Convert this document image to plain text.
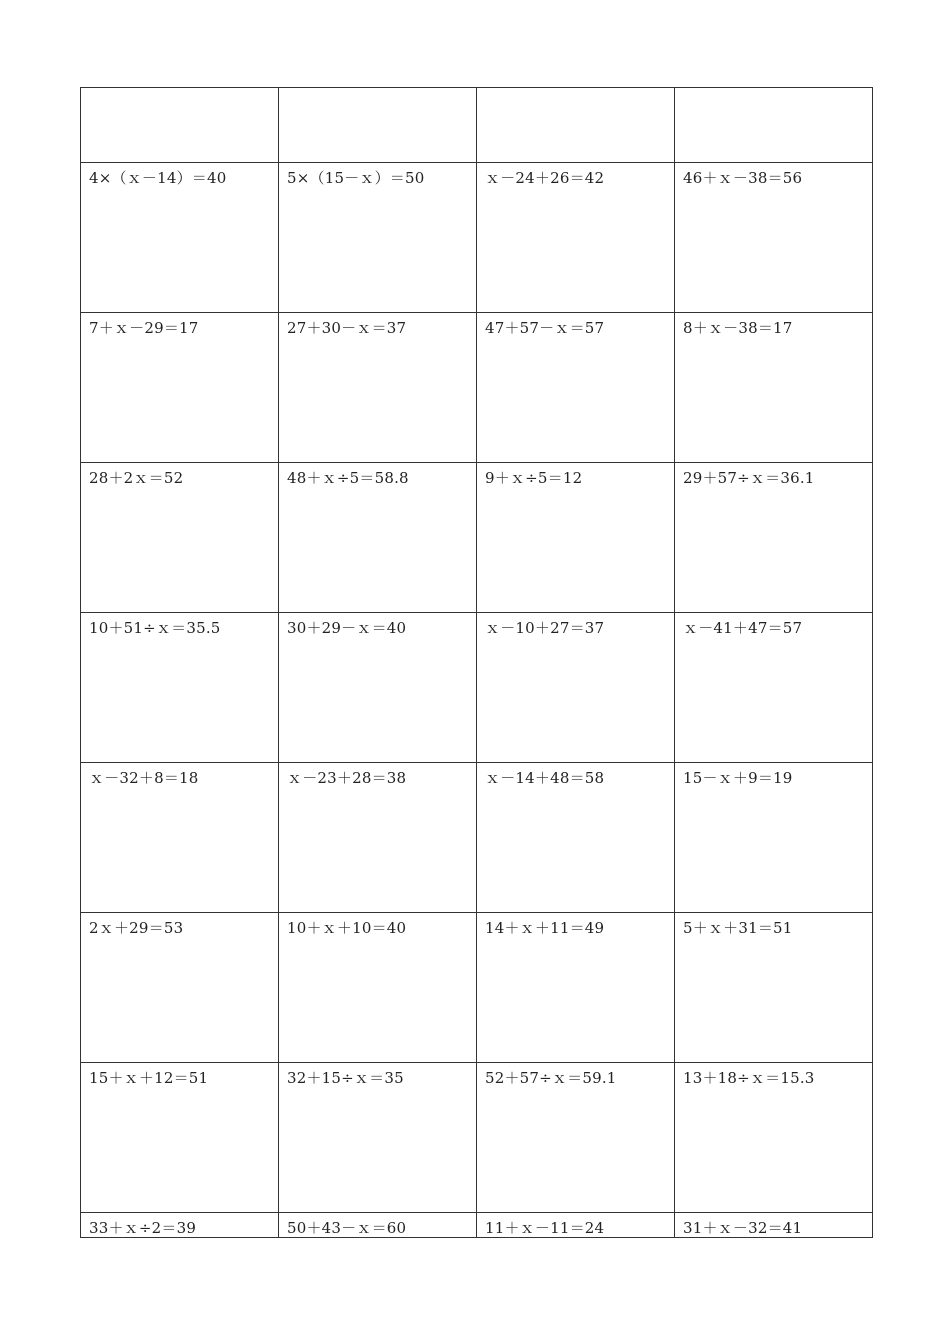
4×（ｘ－14）＝40	5×（15－ｘ）＝50	ｘ－24＋26＝42	46＋ｘ－38＝56

7＋ｘ－29＝17	27＋30－ｘ＝37	47＋57－ｘ＝57	8＋ｘ－38＝17

28＋2ｘ＝52	48＋ｘ÷5＝58.8	9＋ｘ÷5＝12	29＋57÷ｘ＝36.1

10＋51÷ｘ＝35.5	30＋29－ｘ＝40	ｘ－10＋27＝37	ｘ－41＋47＝57

ｘ－32＋8＝18	ｘ－23＋28＝38	ｘ－14＋48＝58	15－ｘ＋9＝19

2ｘ＋29＝53	10＋ｘ＋10＝40	14＋ｘ＋11＝49	5＋ｘ＋31＝51

15＋ｘ＋12＝51	32＋15÷ｘ＝35	52＋57÷ｘ＝59.1	13＋18÷ｘ＝15.3

33＋ｘ÷2＝39	50＋43－ｘ＝60	11＋ｘ－11＝24	31＋ｘ－32＝41
